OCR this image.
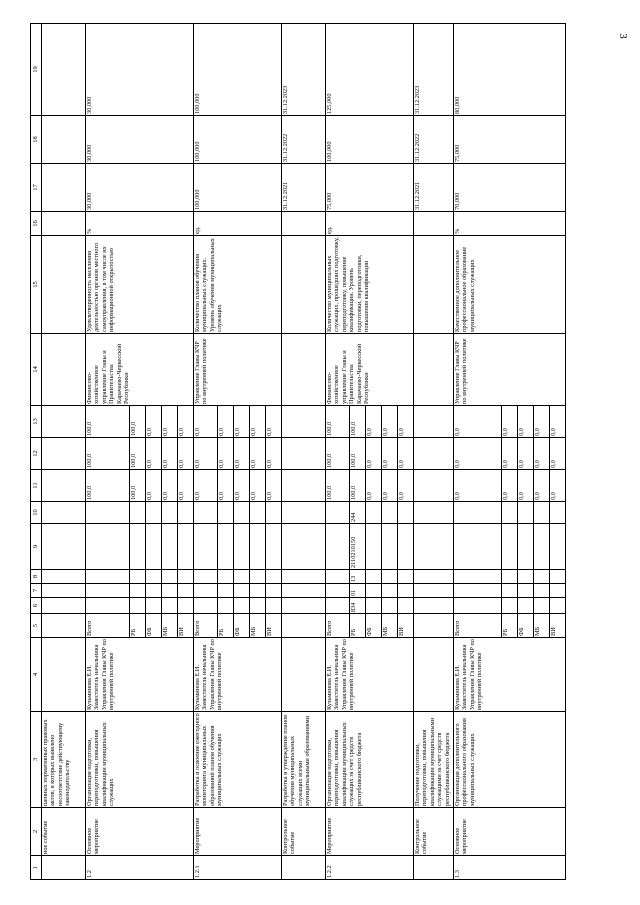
3
1	2	3	4	5	6	7	8	9	10	11	12	13	14	15	16	17	18	19
	ное событие	шенных нормативных правовых актов, в которых выявлено несоответствие действующему законодательству																
1.2	Основное мероприятие	Организация подготовки, переподготовки, повышения квалификации муниципальных служащих	Кузьминова Е.И. Заместитель начальника Управления Главы КЧР по внутренней политике	Всего						100,0	100,0	100,0	Финансово-хозяйственное управление Главы и Правительства Карачаево-Черкесской Республики	Удовлетворенность населения деятельностью органов местного самоуправления, в том числе их информационной открытостью	%	30,000	30,000	30,000
				РБ						100,0	100,0	100,0						
				ФБ						0,0	0,0	0,0						
				МБ						0,0	0,0	0,0						
				ВИ						0,0	0,0	0,0						
1.2.1	Мероприятие	Разработка и освоение ежегодного мониторинга муниципальных образований планов обучения муниципальных служащих	Кузьминова Е.И. Заместитель начальника Управления Главы КЧР по внутренней политике	Всего						0,0	0,0	0,0	Управление Главы КЧР по внутренней политике	Количество планов обучения муниципальных служащих. Уровень обучения муниципальных служащих	ед.	100,000	100,000	100,000
				РБ						0,0	0,0	0,0						
				ФБ						0,0	0,0	0,0						
				МБ						0,0	0,0	0,0						
				ВИ						0,0	0,0	0,0						
	Контрольное событие	Разработка и утверждение планов обучения муниципальных служащих всеми муниципальными образованиями														31.12.2021	31.12.2022	31.12.2023
1.2.2	Мероприятие	Организация подготовки, переподготовки, повышения квалификации муниципальных служащих за счет средств республиканского бюджета	Кузьминова Е.И. Заместитель начальника Управления Главы КЧР по внутренней политике	Всего						100,0	100,0	100,0	Финансово-хозяйственное управление Главы и Правительства Карачаево-Черкесской Республики	Количество муниципальных служащих, прошедших подготовку, переподготовку, повышение квалификации. Уровень подготовки, переподготовки, повышения квалификации	ед.	75,000	100,000	125,000
				РБ	834	01	13	2110210150	244	100,0	100,0	100,0						
				ФБ						0,0	0,0	0,0						
				МБ						0,0	0,0	0,0						
				ВИ						0,0	0,0	0,0						
	Контрольное событие	Получение подготовки, переподготовки, повышения квалификации муниципальными служащими за счет средств республиканского бюджета														31.12.2021	31.12.2022	31.12.2023
1.3	Основное мероприятие	Организация дополнительного профессионального образования муниципальных служащих	Кузьминова Е.И. Заместитель начальника Управления Главы КЧР по внутренней политике	Всего						0,0	0,0	0,0	Управление Главы КЧР по внутренней политике	Качественное дополнительное профессиональное образование муниципальных служащих	%	70,000	75,000	80,000
				РБ						0,0	0,0	0,0						
				ФБ						0,0	0,0	0,0						
				МБ						0,0	0,0	0,0						
				ВИ						0,0	0,0	0,0						
